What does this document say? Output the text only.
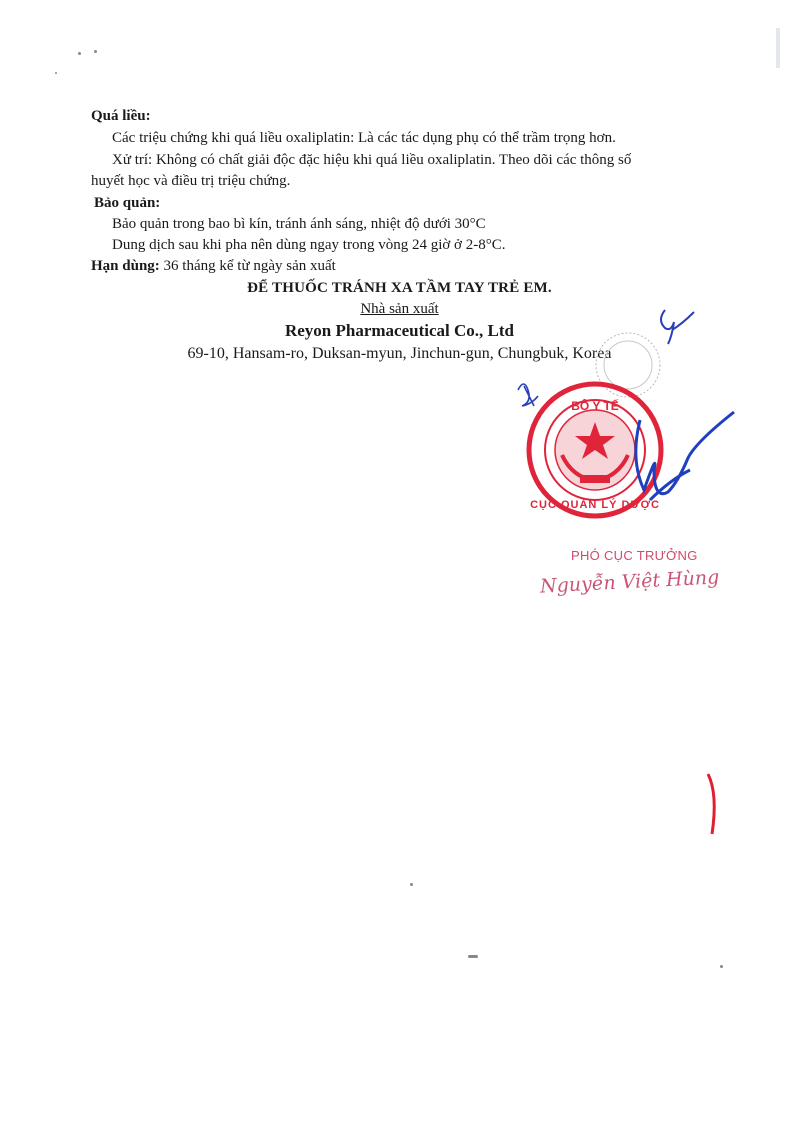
Quá liều:
Các triệu chứng khi quá liều oxaliplatin: Là các tác dụng phụ có thể trầm trọng hơn.
Xử trí: Không có chất giải độc đặc hiệu khi quá liều oxaliplatin. Theo dõi các thông số
huyết học và điều trị triệu chứng.
Bảo quản:
Bảo quản trong bao bì kín, tránh ánh sáng, nhiệt độ dưới 30°C
Dung dịch sau khi pha nên dùng ngay trong vòng 24 giờ ở 2-8°C.
Hạn dùng: 36 tháng kể từ ngày sản xuất
ĐỂ THUỐC TRÁNH XA TẦM TAY TRẺ EM.
Nhà sản xuất
Reyon Pharmaceutical Co., Ltd
69-10, Hansam-ro, Duksan-myun, Jinchun-gun, Chungbuk, Korea
BỘ Y TẾ
CỤC QUẢN LÝ DƯỢC
PHÓ CỤC TRƯỞNG
Nguyễn Việt Hùng
